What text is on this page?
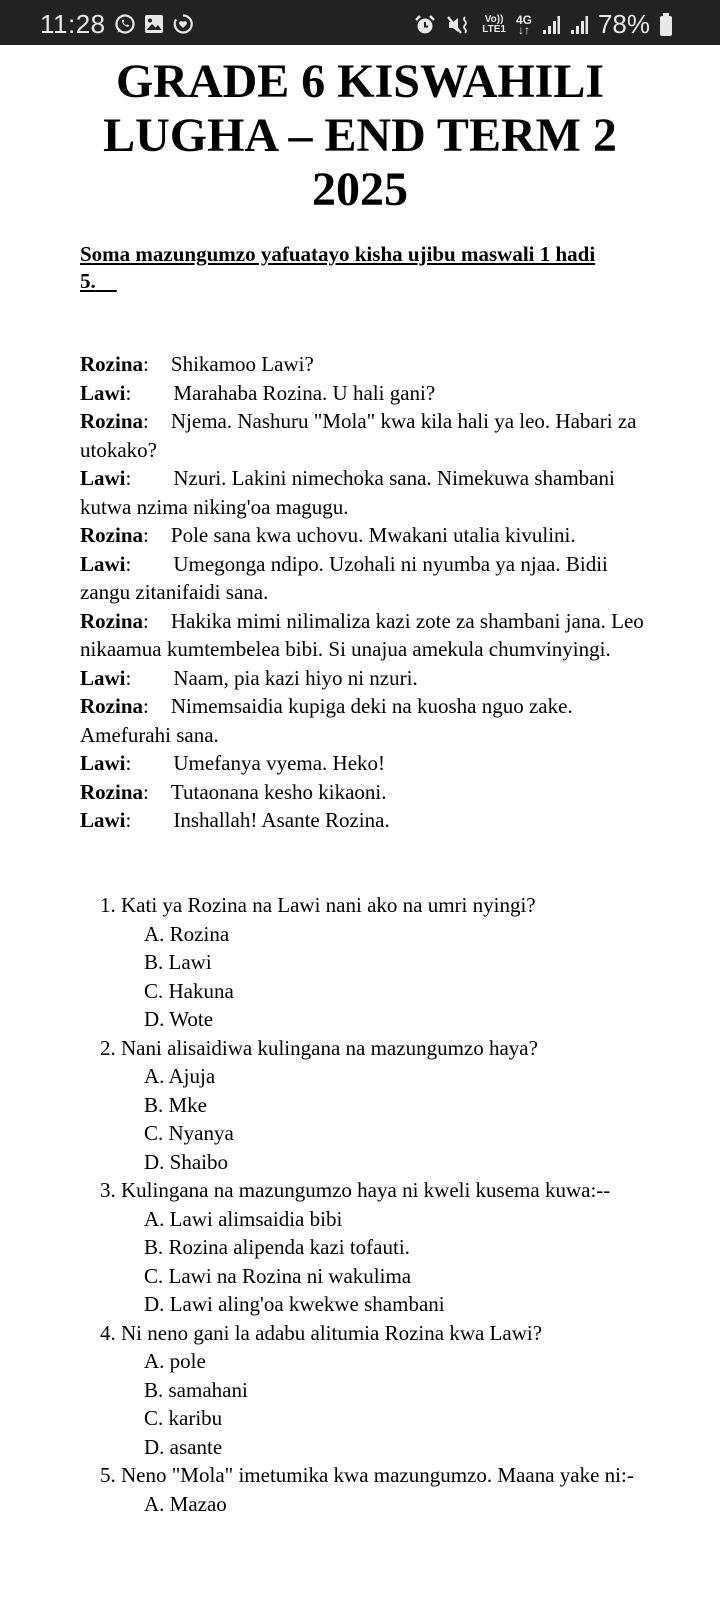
11:28	Vo))
LTE1
4G
↓↑	78%
GRADE 6 KISWAHILI
LUGHA – END TERM 2
2025
Soma mazungumzo yafuatayo kisha ujibu maswali 1 hadi
5.
Rozina: Shikamoo Lawi?
Lawi: Marahaba Rozina. U hali gani?
Rozina: Njema. Nashuru "Mola" kwa kila hali ya leo. Habari za utokako?
Lawi: Nzuri. Lakini nimechoka sana. Nimekuwa shambani kutwa nzima niking'oa magugu.
Rozina: Pole sana kwa uchovu. Mwakani utalia kivulini.
Lawi: Umegonga ndipo. Uzohali ni nyumba ya njaa. Bidii zangu zitanifaidi sana.
Rozina: Hakika mimi nilimaliza kazi zote za shambani jana. Leo nikaamua kumtembelea bibi. Si unajua amekula chumvinyingi.
Lawi: Naam, pia kazi hiyo ni nzuri.
Rozina: Nimemsaidia kupiga deki na kuosha nguo zake. Amefurahi sana.
Lawi: Umefanya vyema. Heko!
Rozina: Tutaonana kesho kikaoni.
Lawi: Inshallah! Asante Rozina.
1. Kati ya Rozina na Lawi nani ako na umri nyingi?
A. Rozina
B. Lawi
C. Hakuna
D. Wote
2. Nani alisaidiwa kulingana na mazungumzo haya?
A. Ajuja
B. Mke
C. Nyanya
D. Shaibo
3. Kulingana na mazungumzo haya ni kweli kusema kuwa:--
A. Lawi alimsaidia bibi
B. Rozina alipenda kazi tofauti.
C. Lawi na Rozina ni wakulima
D. Lawi aling'oa kwekwe shambani
4. Ni neno gani la adabu alitumia Rozina kwa Lawi?
A. pole
B. samahani
C. karibu
D. asante
5. Neno "Mola" imetumika kwa mazungumzo. Maana yake ni:-
A. Mazao
